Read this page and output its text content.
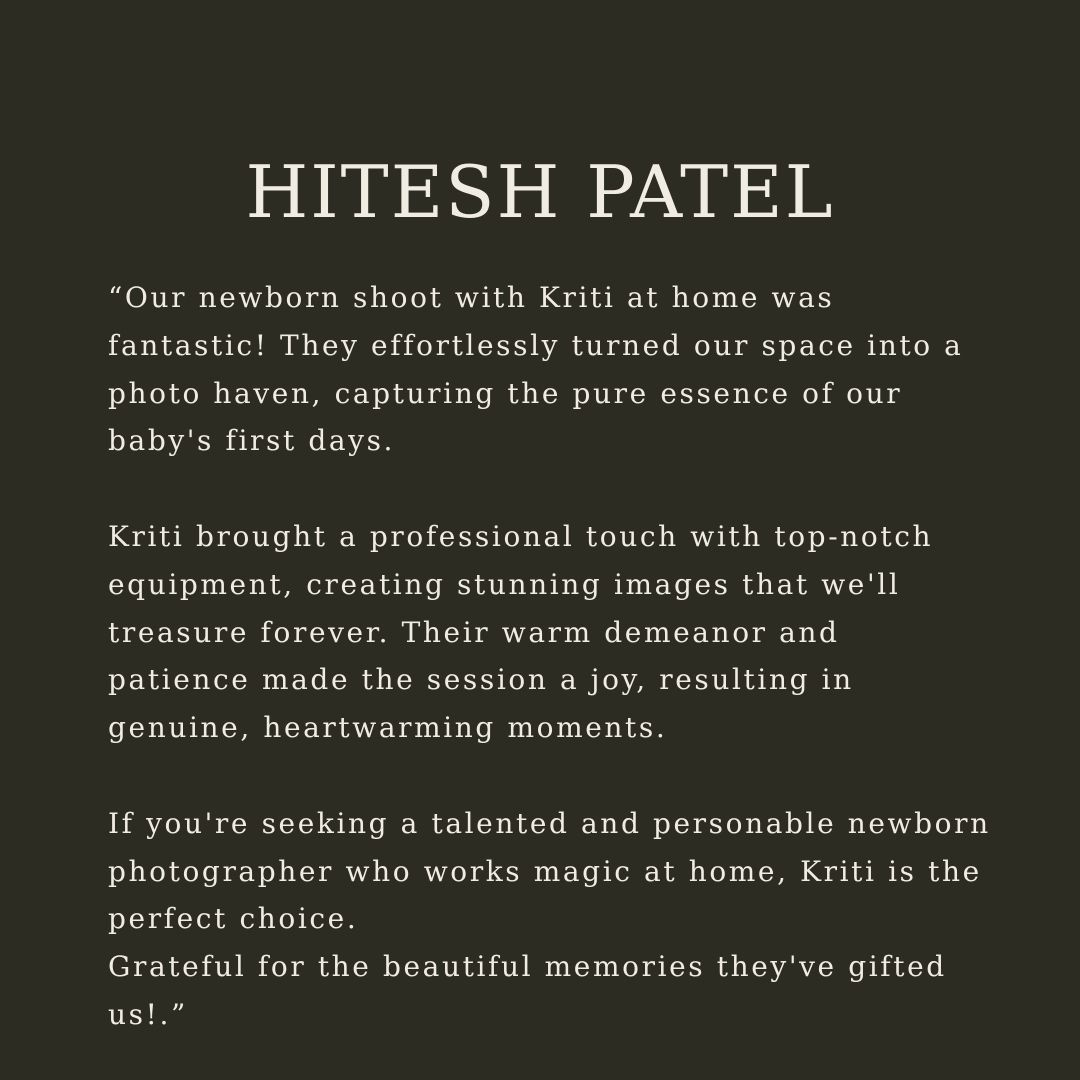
HITESH PATEL
“Our newborn shoot with Kriti at home was
fantastic! They effortlessly turned our space into a
photo haven, capturing the pure essence of our
baby's first days.
Kriti brought a professional touch with top-notch
equipment, creating stunning images that we'll
treasure forever. Their warm demeanor and
patience made the session a joy, resulting in
genuine, heartwarming moments.
If you're seeking a talented and personable newborn
photographer who works magic at home, Kriti is the
perfect choice.
Grateful for the beautiful memories they've gifted
us!.”
